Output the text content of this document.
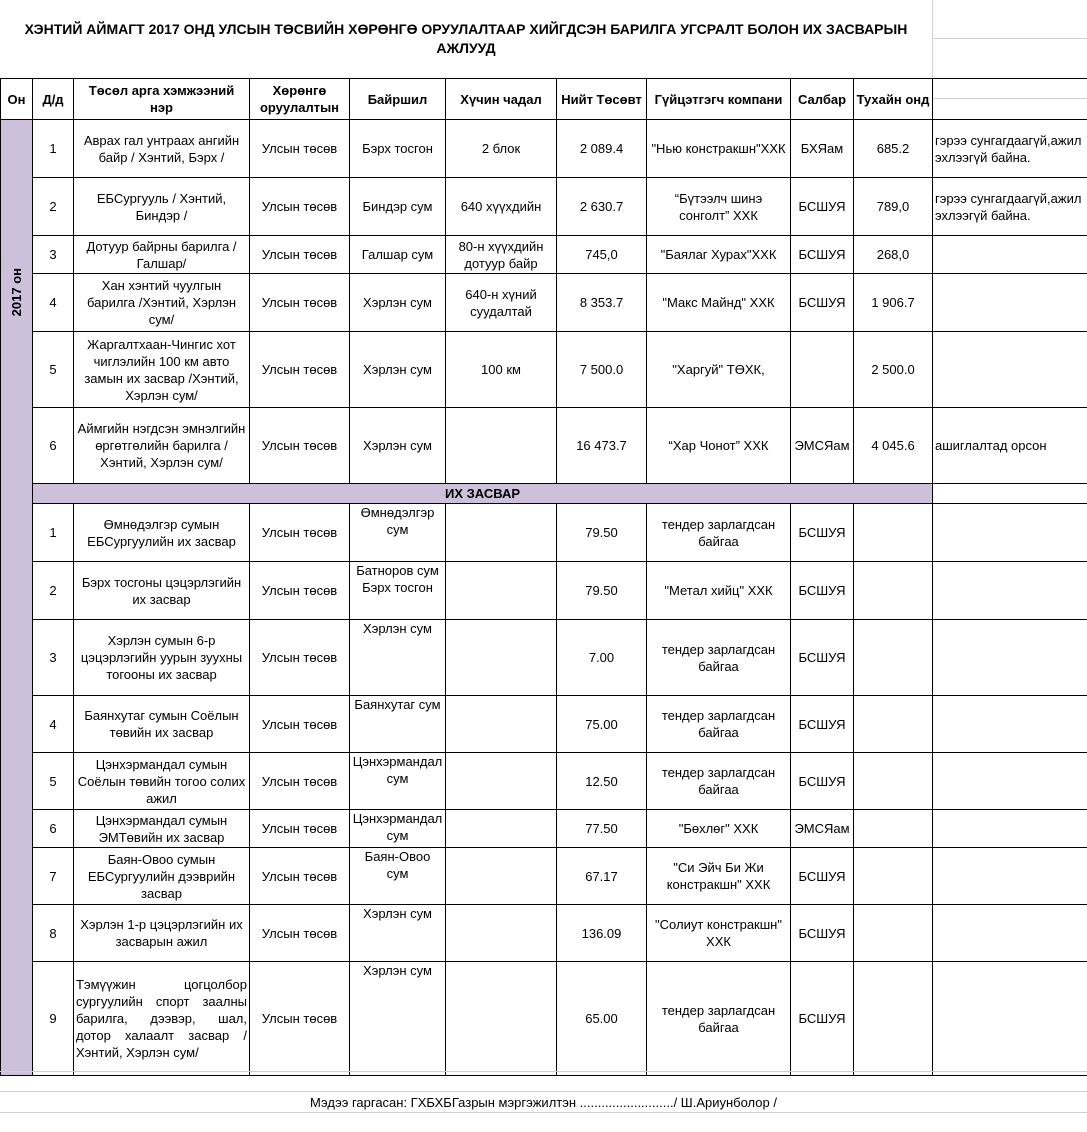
ХЭНТИЙ АЙМАГТ 2017 ОНД УЛСЫН ТӨСВИЙН ХӨРӨНГӨ ОРУУЛАЛТААР ХИЙГДСЭН БАРИЛГА УГСРАЛТ БОЛОН ИХ ЗАСВАРЫН АЖЛУУД
Он	Д/д	Төсөл арга хэмжээний нэр	Хөрөнгө оруулалтын	Байршил	Хүчин чадал	Нийт Төсөвт	Гүйцэтгэгч компани	Салбар	Тухайн онд	

2017 он	1	Аврах гал унтраах ангийн байр / Хэнтий, Бэрх /	Улсын төсөв	Бэрх тосгон	2 блок	2 089.4	"Нью констракшн"ХХК	БХЯам	685.2	гэрээ сунгагдаагүй,ажил эхлээгүй байна.
	2	ЕБСургууль / Хэнтий, Биндэр /	Улсын төсөв	Биндэр сум	640 хүүхдийн	2 630.7	“Бүтээлч шинэ сонголт” ХХК	БСШУЯ	789,0	гэрээ сунгагдаагүй,ажил эхлээгүй байна.
	3	Дотуур байрны барилга /Галшар/	Улсын төсөв	Галшар сум	80-н хүүхдийн дотуур байр	745,0	"Баялаг Хурах"ХХК	БСШУЯ	268,0	
	4	Хан хэнтий чуулгын барилга /Хэнтий, Хэрлэн сум/	Улсын төсөв	Хэрлэн сум	640-н хүний суудалтай	8 353.7	"Макс Майнд" ХХК	БСШУЯ	1 906.7	
	5	Жаргалтхаан-Чингис хот чиглэлийн 100 км авто замын их засвар /Хэнтий, Хэрлэн сум/	Улсын төсөв	Хэрлэн сум	100 км	7 500.0	"Харгуй" ТӨХК,		2 500.0	
	6	Аймгийн нэгдсэн эмнэлгийн өргөтгөлийн барилга /Хэнтий, Хэрлэн сум/	Улсын төсөв	Хэрлэн сум		16 473.7	“Хар Чонот” ХХК	ЭМСЯам	4 045.6	ашиглалтад орсон
	ИХ ЗАСВАР									
	1	Өмнөдэлгэр сумын ЕБСургуулийн их засвар	Улсын төсөв	Өмнөдэлгэр сум		79.50	тендер зарлагдсан байгаа	БСШУЯ		
	2	Бэрх тосгоны цэцэрлэгийн их засвар	Улсын төсөв	Батноров сум Бэрх тосгон		79.50	"Метал хийц" ХХК	БСШУЯ		
	3	Хэрлэн сумын 6-р цэцэрлэгийн уурын зуухны тогооны их засвар	Улсын төсөв	Хэрлэн сум		7.00	тендер зарлагдсан байгаа	БСШУЯ		
	4	Баянхутаг сумын Соёлын төвийн их засвар	Улсын төсөв	Баянхутаг сум		75.00	тендер зарлагдсан байгаа	БСШУЯ		
	5	Цэнхэрмандал сумын Соёлын төвийн тогоо солих ажил	Улсын төсөв	Цэнхэрмандал сум		12.50	тендер зарлагдсан байгаа	БСШУЯ		
	6	Цэнхэрмандал сумын ЭМТөвийн их засвар	Улсын төсөв	Цэнхэрмандал сум		77.50	"Бөхлөг" ХХК	ЭМСЯам		
	7	Баян-Овоо сумын ЕБСургуулийн дээврийн засвар	Улсын төсөв	Баян-Овоо сум		67.17	"Си Эйч Би Жи констракшн" ХХК	БСШУЯ		
	8	Хэрлэн 1-р цэцэрлэгийн их засварын ажил	Улсын төсөв	Хэрлэн сум		136.09	"Солиут констракшн" ХХК	БСШУЯ		
	9	Тэмүүжин цогцолбор сургуулийн спорт заалны барилга, дээвэр, шал, дотор халаалт засвар /Хэнтий, Хэрлэн сум/	Улсын төсөв	Хэрлэн сум		65.00	тендер зарлагдсан байгаа	БСШУЯ		
Мэдээ гаргасан: ГХБХБГазрын мэргэжилтэн ........................../ Ш.Ариунболор /
